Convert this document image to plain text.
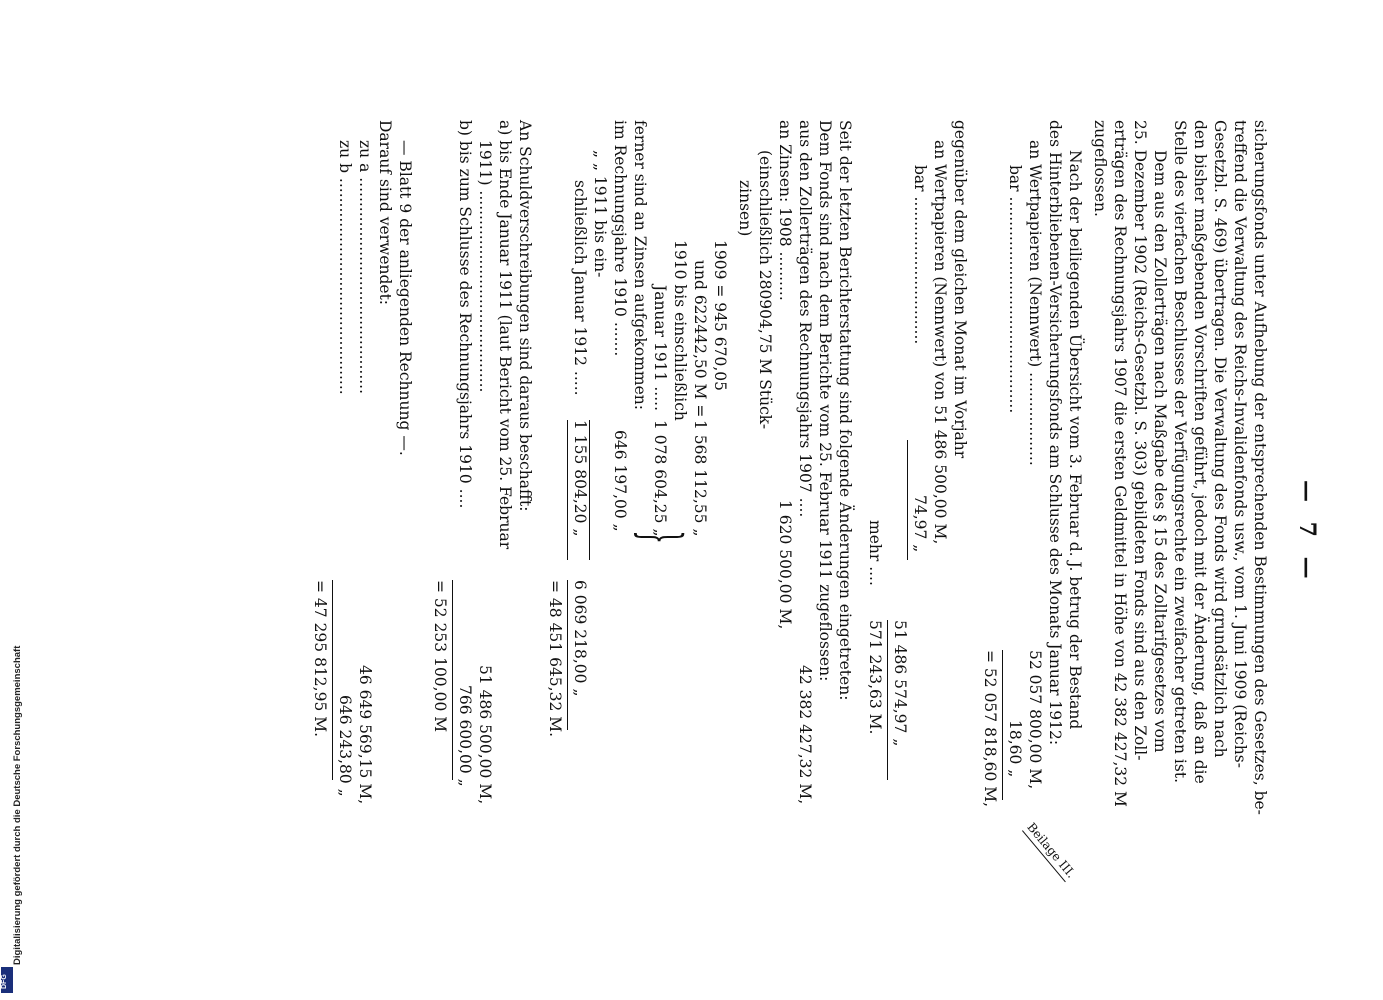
— 7 —
sicherungsfonds unter Aufhebung der entsprechenden Bestimmungen des Gesetzes, be-
treffend die Verwaltung des Reichs-Invalidenfonds usw., vom 1. Juni 1909 (Reichs-
Gesetzbl. S. 469) übertragen. Die Verwaltung des Fonds wird grundsätzlich nach
den bisher maßgebenden Vorschriften geführt, jedoch mit der Änderung, daß an die
Stelle des vierfachen Beschlusses der Verfügungsrechte ein zweifacher getreten ist.
Dem aus den Zollerträgen nach Maßgabe des § 15 des Zolltarifgesetzes vom
25. Dezember 1902 (Reichs-Gesetzbl. S. 303) gebildeten Fonds sind aus den Zoll-
erträgen des Rechnungsjahrs 1907 die ersten Geldmittel in Höhe von 42 382 427,32 M
zugeflossen.
Nach der beiliegenden Übersicht vom 3. Februar d. J. betrug der Bestand
des Hinterbliebenen-Versicherungsfonds am Schlusse des Monats Januar 1912:
an Wertpapieren (Nennwert) ...................
52 057 800,00 M,
bar ............................................
18,60 „
= 52 057 818,60 M,
Beilage III.
gegenüber dem gleichen Monat im Vorjahr
an Wertpapieren (Nennwert) von 51 486 500,00 M,
bar ..............................
74,97 „
51 486 574,97 „
mehr ....
571 243,63 M.
Seit der letzten Berichterstattung sind folgende Änderungen eingetreten:
Dem Fonds sind nach dem Berichte vom 25. Februar 1911 zugeflossen:
aus den Zollerträgen des Rechnungsjahrs 1907 ....
42 382 427,32 M,
an Zinsen: 1908 ..........
1 620 500,00 M,
(einschließlich 280904,75 M Stück-
zinsen)
1909 = 945 670,05
und 622442,50 M =
1 568 112,55 „
1910 bis einschließlich
Januar 1911 .....
1 078 604,25 „
ferner sind an Zinsen aufgekommen:
im Rechnungsjahre 1910 .......
646 197,00 „
}
„ „ 1911 bis ein-
schließlich Januar 1912 .....
1 155 804,20 „
6 069 218,00 „
= 48 451 645,32 M.
An Schuldverschreibungen sind daraus beschafft:
a) bis Ende Januar 1911 (laut Bericht vom 25. Februar
1911) .........................................
51 486 500,00 M,
b) bis zum Schlusse des Rechnungsjahrs 1910 ....
766 600,00 „
= 52 253 100,00 M
— Blatt 9 der anliegenden Rechnung —.
Darauf sind verwendet:
zu a ............................................
46 649 569,15 M,
zu b ............................................
646 243,80 „
= 47 295 812,95 M.
Digitalisierung gefördert durch die Deutsche Forschungsgemeinschaft
DFG
